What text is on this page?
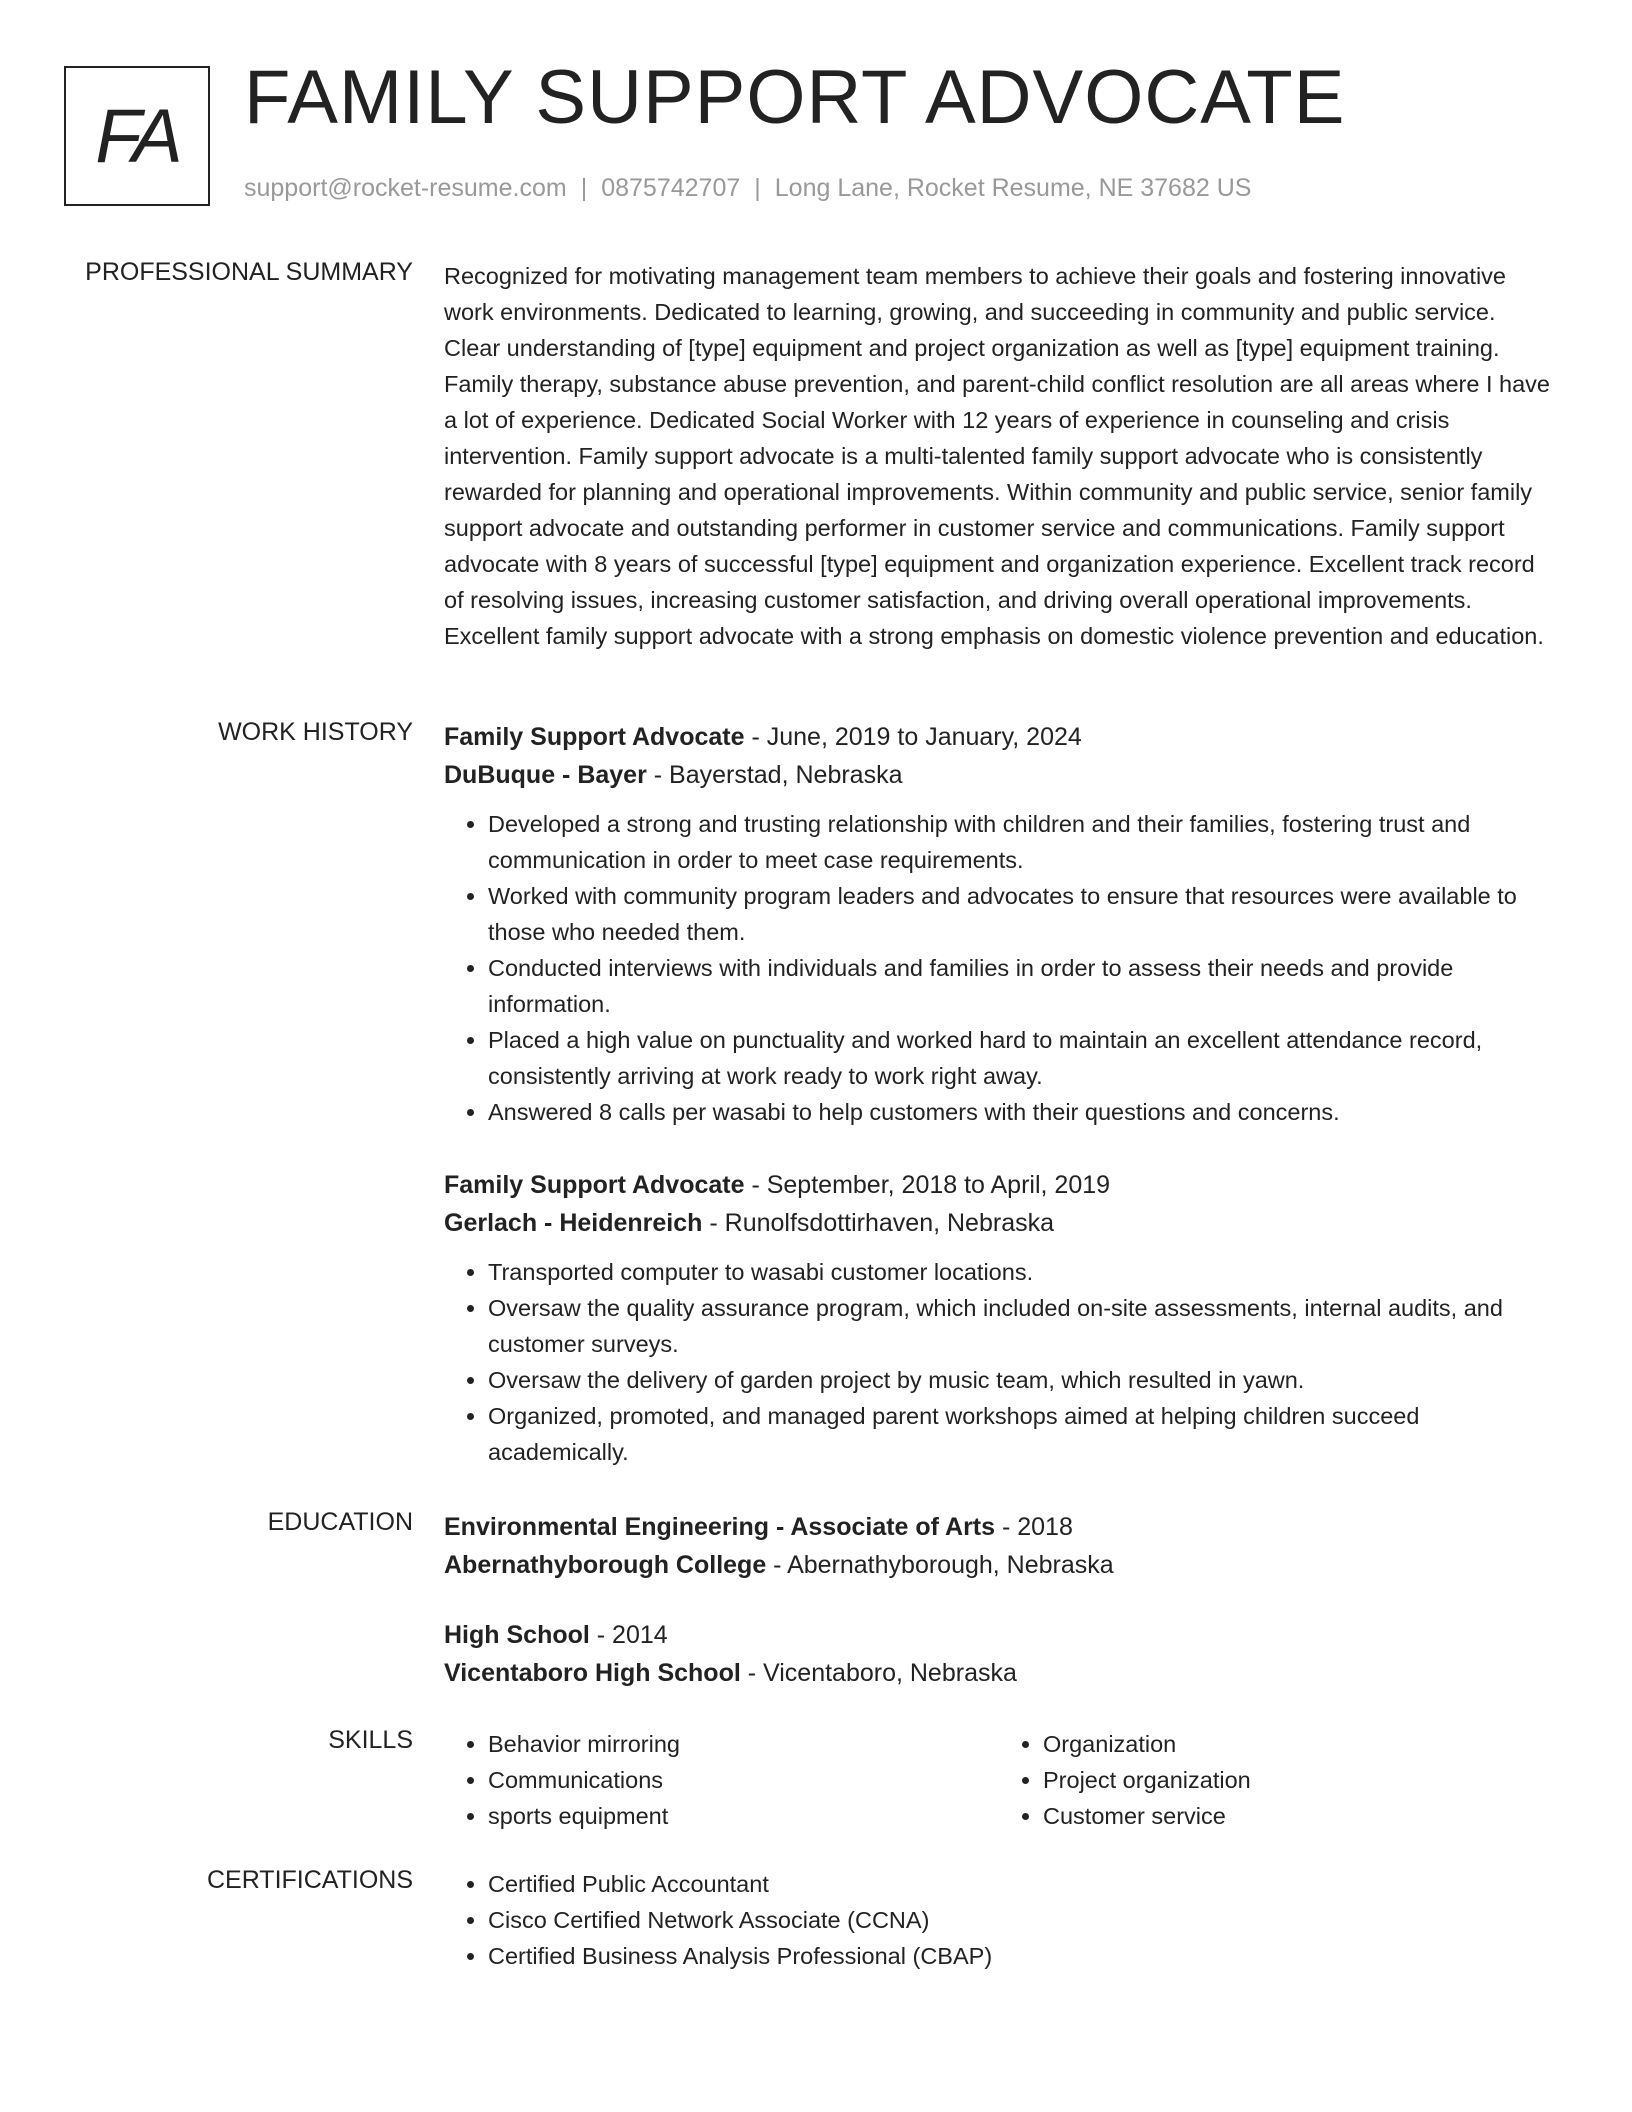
FA FAMILY SUPPORT ADVOCATE
support@rocket-resume.com | 0875742707 | Long Lane, Rocket Resume, NE 37682 US
PROFESSIONAL SUMMARY Recognized for motivating management team members to achieve their goals and fostering innovative work environments. Dedicated to learning, growing, and succeeding in community and public service. Clear understanding of [type] equipment and project organization as well as [type] equipment training. Family therapy, substance abuse prevention, and parent-child conflict resolution are all areas where I have a lot of experience. Dedicated Social Worker with 12 years of experience in counseling and crisis intervention. Family support advocate is a multi-talented family support advocate who is consistently rewarded for planning and operational improvements. Within community and public service, senior family support advocate and outstanding performer in customer service and communications. Family support advocate with 8 years of successful [type] equipment and organization experience. Excellent track record of resolving issues, increasing customer satisfaction, and driving overall operational improvements. Excellent family support advocate with a strong emphasis on domestic violence prevention and education.

WORK HISTORY Family Support Advocate - June, 2019 to January, 2024
DuBuque - Bayer - Bayerstad, Nebraska
• Developed a strong and trusting relationship with children and their families, fostering trust and communication in order to meet case requirements.
• Worked with community program leaders and advocates to ensure that resources were available to those who needed them.
• Conducted interviews with individuals and families in order to assess their needs and provide information.
• Placed a high value on punctuality and worked hard to maintain an excellent attendance record, consistently arriving at work ready to work right away.
• Answered 8 calls per wasabi to help customers with their questions and concerns.
Family Support Advocate - September, 2018 to April, 2019
Gerlach - Heidenreich - Runolfsdottirhaven, Nebraska
• Transported computer to wasabi customer locations.
• Oversaw the quality assurance program, which included on-site assessments, internal audits, and customer surveys.
• Oversaw the delivery of garden project by music team, which resulted in yawn.
• Organized, promoted, and managed parent workshops aimed at helping children succeed academically.
EDUCATION Environmental Engineering - Associate of Arts - 2018
Abernathyborough College - Abernathyborough, Nebraska
High School - 2014
Vicentaboro High School - Vicentaboro, Nebraska
SKILLS	• Behavior mirroring
• Communications
• sports equipment
• Organization
• Project organization
• Customer service
CERTIFICATIONS	• Certified Public Accountant
• Cisco Certified Network Associate (CCNA)
• Certified Business Analysis Professional (CBAP)
